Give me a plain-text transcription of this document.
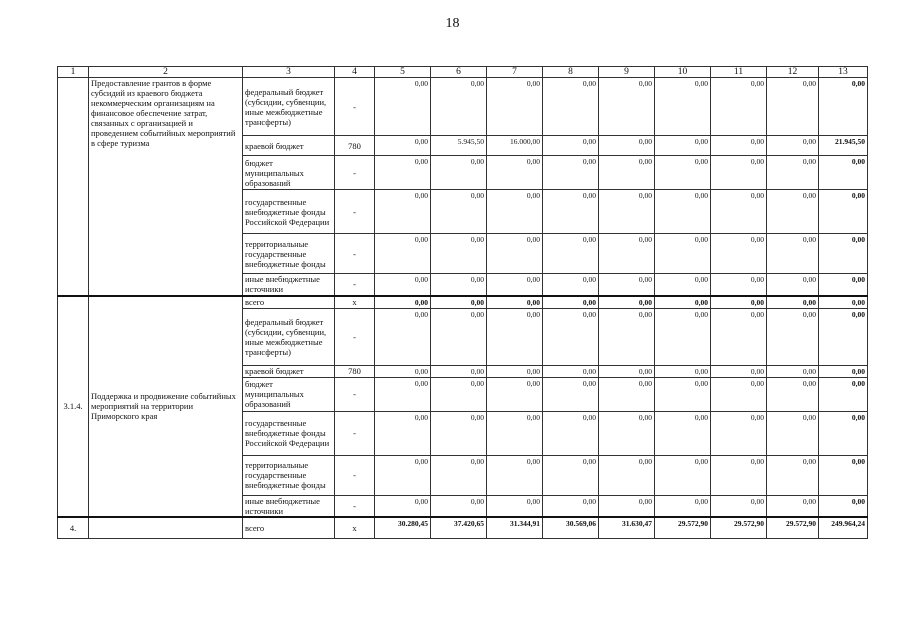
18
1	2	3	4	5	6	7	8	9	10	11	12	13
	Предоставление грантов в форме субсидий из краевого бюджета некоммерческим организациям на финансовое обеспечение затрат, связанных с организацией и проведением событийных мероприятий в сфере туризма	федеральный бюджет (субсидии, субвенции, иные межбюджетные трансферты)	-	0,00	0,00	0,00	0,00	0,00	0,00	0,00	0,00	0,00
		краевой бюджет	780	0,00	5.945,50	16.000,00	0,00	0,00	0,00	0,00	0,00	21.945,50
		бюджет муниципальных образований	-	0,00	0,00	0,00	0,00	0,00	0,00	0,00	0,00	0,00
		государственные внебюджетные фонды Российской Федерации	-	0,00	0,00	0,00	0,00	0,00	0,00	0,00	0,00	0,00
		территориальные государственные внебюджетные фонды	-	0,00	0,00	0,00	0,00	0,00	0,00	0,00	0,00	0,00
		иные внебюджетные источники	-	0,00	0,00	0,00	0,00	0,00	0,00	0,00	0,00	0,00
3.1.4.	Поддержка и продвижение событийных мероприятий на территории Приморского края	всего	x	0,00	0,00	0,00	0,00	0,00	0,00	0,00	0,00	0,00
		федеральный бюджет (субсидии, субвенции, иные межбюджетные трансферты)	-	0,00	0,00	0,00	0,00	0,00	0,00	0,00	0,00	0,00
		краевой бюджет	780	0,00	0,00	0,00	0,00	0,00	0,00	0,00	0,00	0,00
		бюджет муниципальных образований	-	0,00	0,00	0,00	0,00	0,00	0,00	0,00	0,00	0,00
		государственные внебюджетные фонды Российской Федерации	-	0,00	0,00	0,00	0,00	0,00	0,00	0,00	0,00	0,00
		территориальные государственные внебюджетные фонды	-	0,00	0,00	0,00	0,00	0,00	0,00	0,00	0,00	0,00
		иные внебюджетные источники	-	0,00	0,00	0,00	0,00	0,00	0,00	0,00	0,00	0,00
4.		всего	x	30.280,45	37.420,65	31.344,91	30.569,06	31.630,47	29.572,90	29.572,90	29.572,90	249.964,24
